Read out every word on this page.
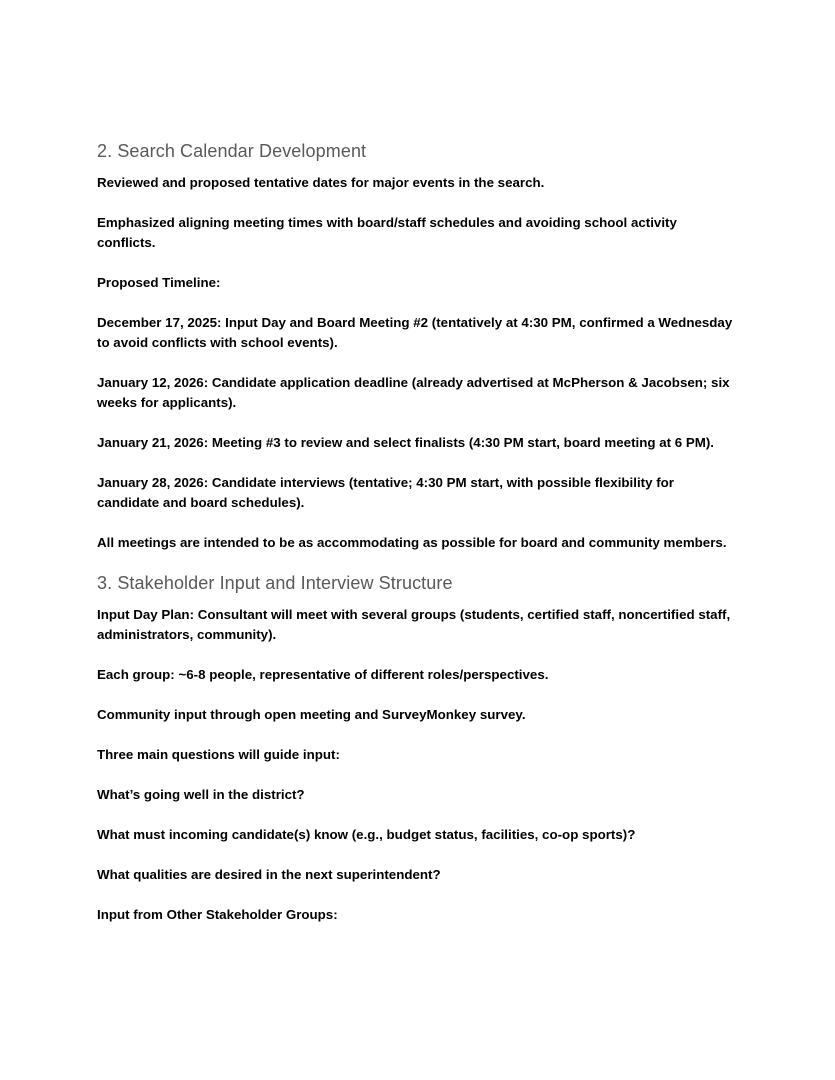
2. Search Calendar Development

Reviewed and proposed tentative dates for major events in the search.

Emphasized aligning meeting times with board/staff schedules and avoiding school activity conflicts.

Proposed Timeline:

December 17, 2025: Input Day and Board Meeting #2 (tentatively at 4:30 PM, confirmed a Wednesday to avoid conflicts with school events).

January 12, 2026: Candidate application deadline (already advertised at McPherson & Jacobsen; six weeks for applicants).

January 21, 2026: Meeting #3 to review and select finalists (4:30 PM start, board meeting at 6 PM).

January 28, 2026: Candidate interviews (tentative; 4:30 PM start, with possible flexibility for candidate and board schedules).

All meetings are intended to be as accommodating as possible for board and community members.

3. Stakeholder Input and Interview Structure

Input Day Plan: Consultant will meet with several groups (students, certified staff, noncertified staff, administrators, community).

Each group: ~6-8 people, representative of different roles/perspectives.

Community input through open meeting and SurveyMonkey survey.

Three main questions will guide input:

What’s going well in the district?

What must incoming candidate(s) know (e.g., budget status, facilities, co-op sports)?

What qualities are desired in the next superintendent?

Input from Other Stakeholder Groups:
